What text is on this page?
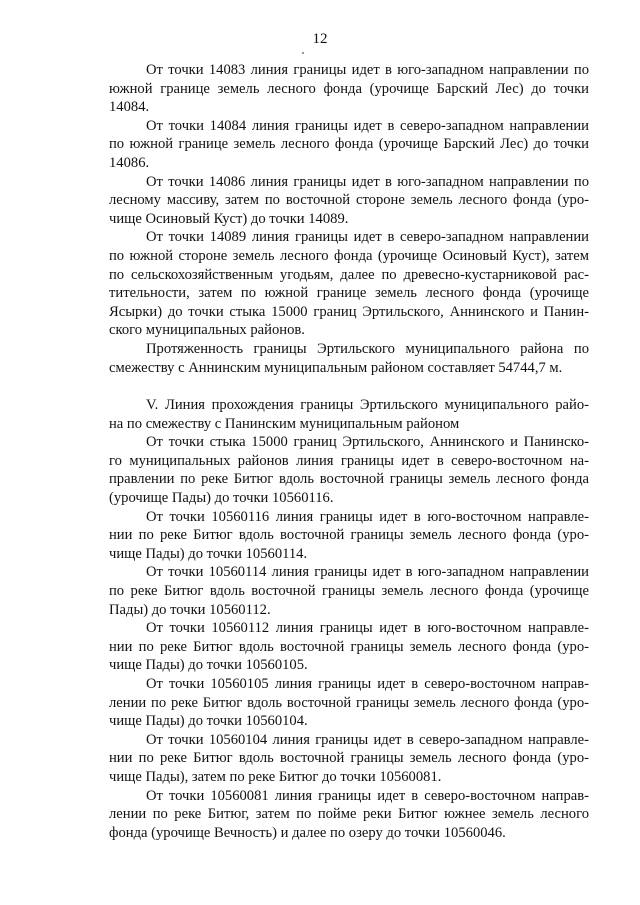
12
От точки 14083 линия границы идет в юго-западном направлении по
южной границе земель лесного фонда (урочище Барский Лес) до точки
14084.
От точки 14084 линия границы идет в северо-западном направлении
по южной границе земель лесного фонда (урочище Барский Лес) до точки
14086.
От точки 14086 линия границы идет в юго-западном направлении по
лесному массиву, затем по восточной стороне земель лесного фонда (уро-
чище Осиновый Куст) до точки 14089.
От точки 14089 линия границы идет в северо-западном направлении
по южной стороне земель лесного фонда (урочище Осиновый Куст), затем
по сельскохозяйственным угодьям, далее по древесно-кустарниковой рас-
тительности, затем по южной границе земель лесного фонда (урочище
Ясырки) до точки стыка 15000 границ Эртильского, Аннинского и Панин-
ского муниципальных районов.
Протяженность границы Эртильского муниципального района по
смежеству с Аннинским муниципальным районом составляет 54744,7 м.
V. Линия прохождения границы Эртильского муниципального райо-
на по смежеству с Панинским муниципальным районом
От точки стыка 15000 границ Эртильского, Аннинского и Панинско-
го муниципальных районов линия границы идет в северо-восточном на-
правлении по реке Битюг вдоль восточной границы земель лесного фонда
(урочище Пады) до точки 10560116.
От точки 10560116 линия границы идет в юго-восточном направле-
нии по реке Битюг вдоль восточной границы земель лесного фонда (уро-
чище Пады) до точки 10560114.
От точки 10560114 линия границы идет в юго-западном направлении
по реке Битюг вдоль восточной границы земель лесного фонда (урочище
Пады) до точки 10560112.
От точки 10560112 линия границы идет в юго-восточном направле-
нии по реке Битюг вдоль восточной границы земель лесного фонда (уро-
чище Пады) до точки 10560105.
От точки 10560105 линия границы идет в северо-восточном направ-
лении по реке Битюг вдоль восточной границы земель лесного фонда (уро-
чище Пады) до точки 10560104.
От точки 10560104 линия границы идет в северо-западном направле-
нии по реке Битюг вдоль восточной границы земель лесного фонда (уро-
чище Пады), затем по реке Битюг до точки 10560081.
От точки 10560081 линия границы идет в северо-восточном направ-
лении по реке Битюг, затем по пойме реки Битюг южнее земель лесного
фонда (урочище Вечность) и далее по озеру до точки 10560046.
